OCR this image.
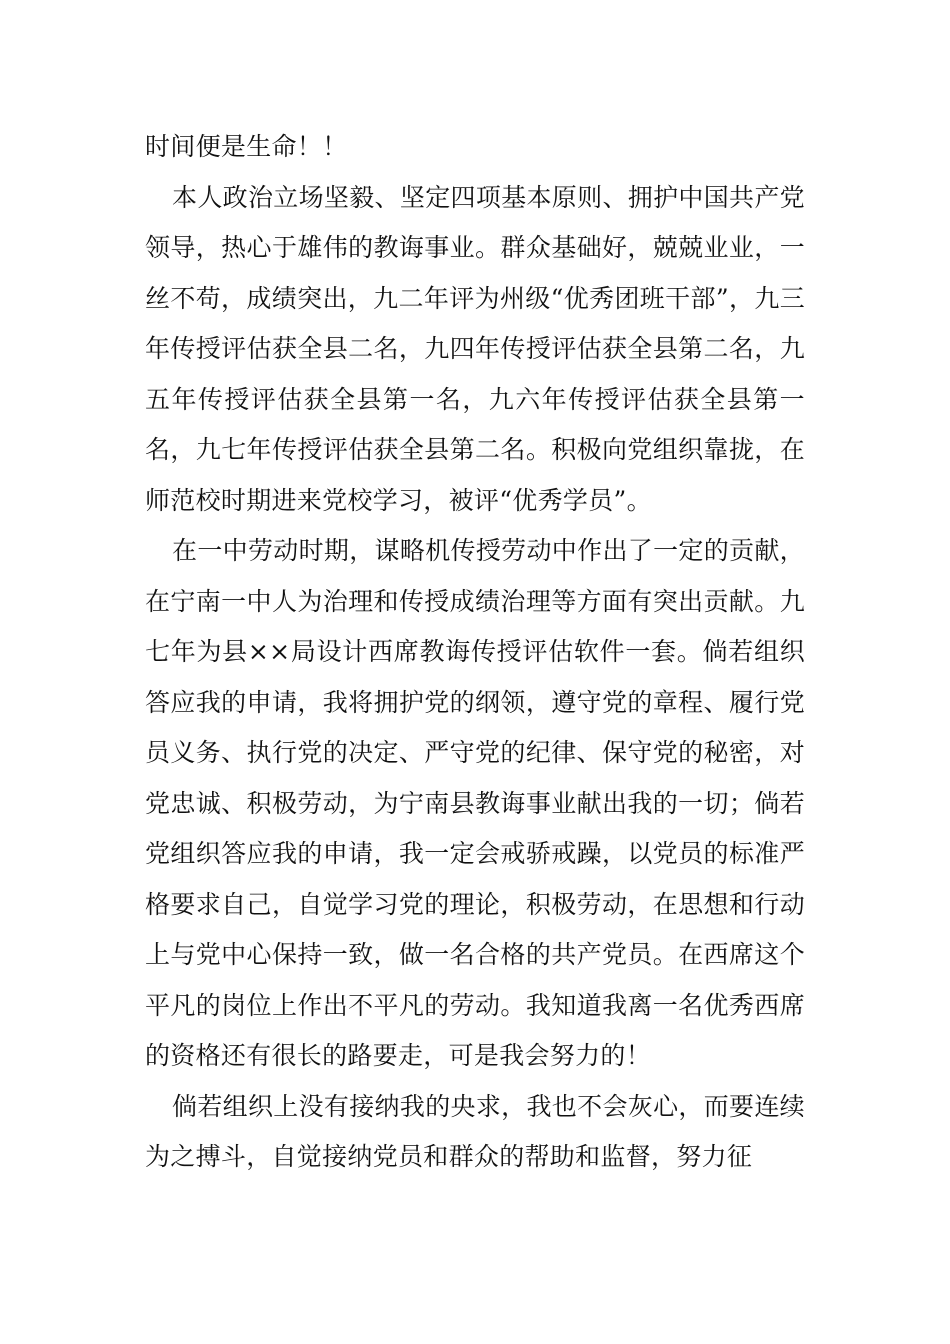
时间便是生命！！

本人政治立场坚毅、坚定四项基本原则、拥护中国共产党领导，热心于雄伟的教诲事业。群众基础好，兢兢业业，一丝不苟，成绩突出，九二年评为州级“优秀团班干部”，九三年传授评估获全县二名，九四年传授评估获全县第二名，九五年传授评估获全县第一名，九六年传授评估获全县第一名，九七年传授评估获全县第二名。积极向党组织靠拢，在师范校时期进来党校学习，被评“优秀学员”。

在一中劳动时期，谋略机传授劳动中作出了一定的贡献，在宁南一中人为治理和传授成绩治理等方面有突出贡献。九七年为县××局设计西席教诲传授评估软件一套。倘若组织答应我的申请，我将拥护党的纲领，遵守党的章程、履行党员义务、执行党的决定、严守党的纪律、保守党的秘密，对党忠诚、积极劳动，为宁南县教诲事业献出我的一切；倘若党组织答应我的申请，我一定会戒骄戒躁，以党员的标准严格要求自己，自觉学习党的理论，积极劳动，在思想和行动上与党中心保持一致，做一名合格的共产党员。在西席这个平凡的岗位上作出不平凡的劳动。我知道我离一名优秀西席的资格还有很长的路要走，可是我会努力的！

倘若组织上没有接纳我的央求，我也不会灰心，而要连续为之搏斗，自觉接纳党员和群众的帮助和监督，努力征
